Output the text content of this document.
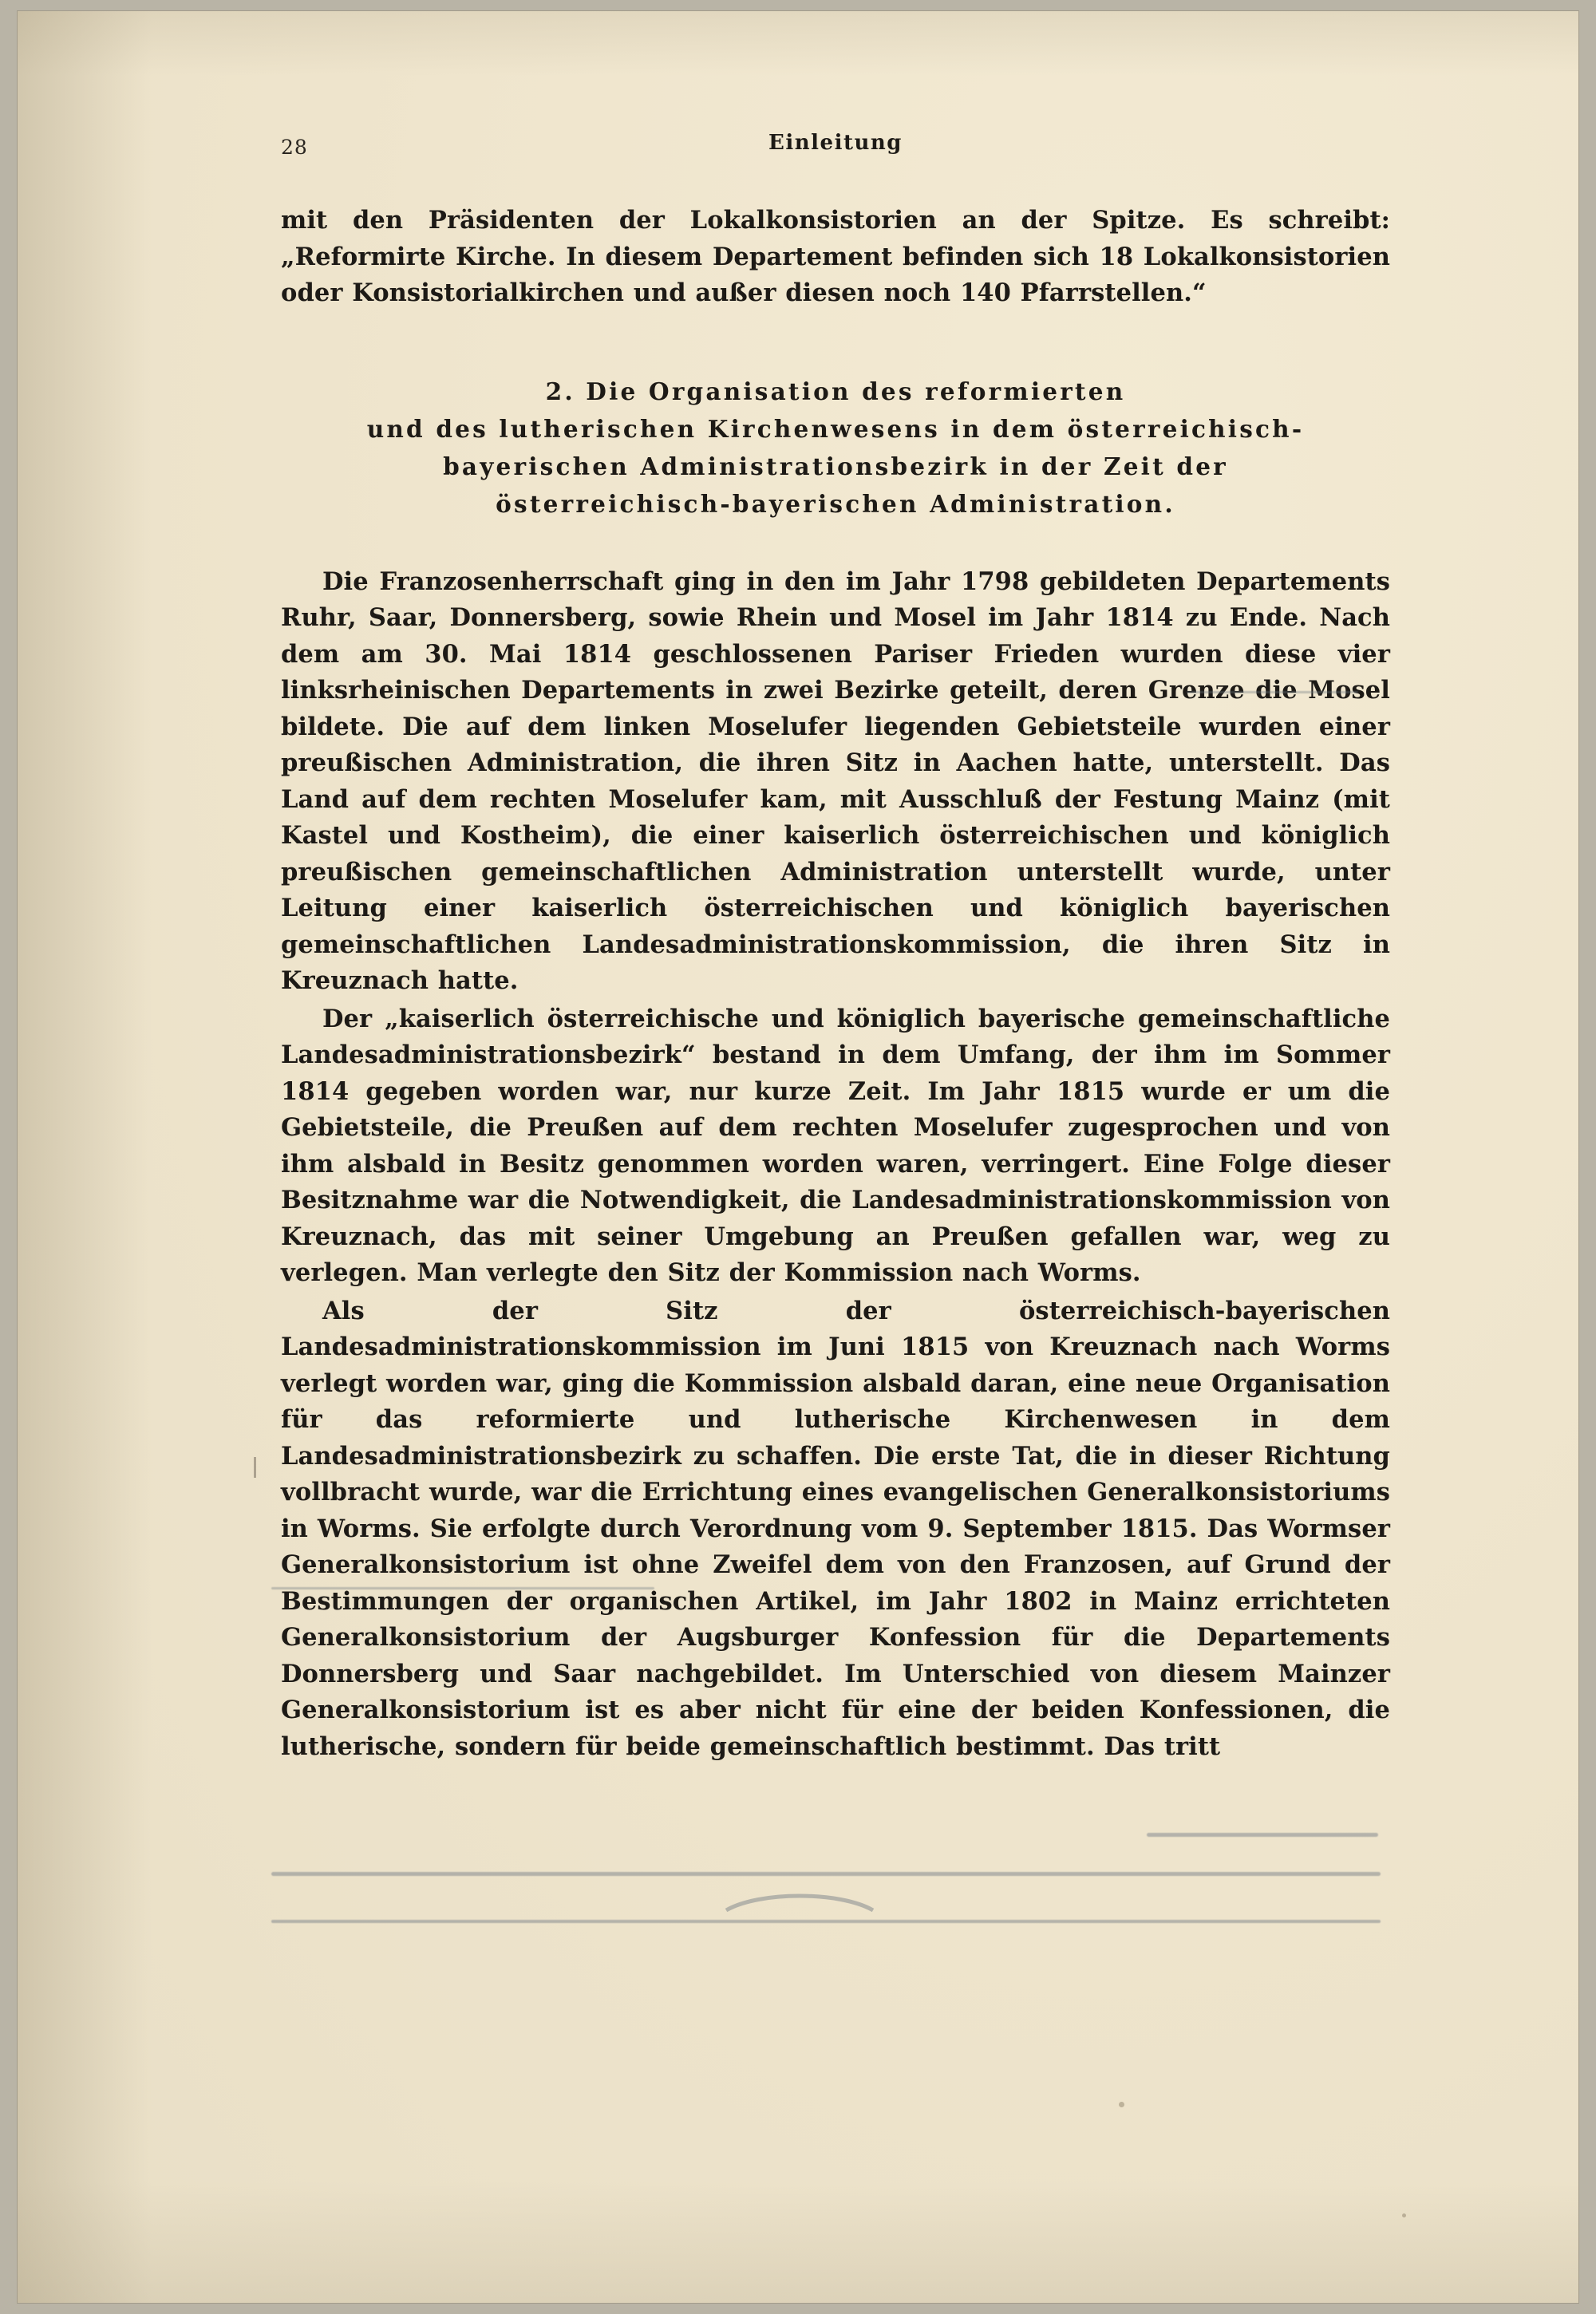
28	Einleitung

mit den Präsidenten der Lokalkonsistorien an der Spitze. Es schreibt: „Reformirte Kirche. In diesem Departement befinden sich 18 Lokalkonsistorien oder Konsistorialkirchen und außer diesen noch 140 Pfarrstellen.“

2. Die Organisation des reformierten
und des lutherischen Kirchenwesens in dem österreichisch-
bayerischen Administrationsbezirk in der Zeit der
österreichisch-bayerischen Administration.

Die Franzosenherrschaft ging in den im Jahr 1798 gebildeten Departements Ruhr, Saar, Donnersberg, sowie Rhein und Mosel im Jahr 1814 zu Ende. Nach dem am 30. Mai 1814 geschlossenen Pariser Frieden wurden diese vier linksrheinischen Departements in zwei Bezirke geteilt, deren Grenze die Mosel bildete. Die auf dem linken Moselufer liegenden Gebietsteile wurden einer preußischen Administration, die ihren Sitz in Aachen hatte, unterstellt. Das Land auf dem rechten Moselufer kam, mit Ausschluß der Festung Mainz (mit Kastel und Kostheim), die einer kaiserlich österreichischen und königlich preußischen gemeinschaftlichen Administration unterstellt wurde, unter Leitung einer kaiserlich österreichischen und königlich bayerischen gemeinschaftlichen Landesadministrationskommission, die ihren Sitz in Kreuznach hatte.

Der „kaiserlich österreichische und königlich bayerische gemeinschaftliche Landesadministrationsbezirk“ bestand in dem Umfang, der ihm im Sommer 1814 gegeben worden war, nur kurze Zeit. Im Jahr 1815 wurde er um die Gebietsteile, die Preußen auf dem rechten Moselufer zugesprochen und von ihm alsbald in Besitz genommen worden waren, verringert. Eine Folge dieser Besitznahme war die Notwendigkeit, die Landesadministrationskommission von Kreuznach, das mit seiner Umgebung an Preußen gefallen war, weg zu verlegen. Man verlegte den Sitz der Kommission nach Worms.

Als der Sitz der österreichisch-bayerischen Landesadministrationskommission im Juni 1815 von Kreuznach nach Worms verlegt worden war, ging die Kommission alsbald daran, eine neue Organisation für das reformierte und lutherische Kirchenwesen in dem Landesadministrationsbezirk zu schaffen. Die erste Tat, die in dieser Richtung vollbracht wurde, war die Errichtung eines evangelischen Generalkonsistoriums in Worms. Sie erfolgte durch Verordnung vom 9. September 1815. Das Wormser Generalkonsistorium ist ohne Zweifel dem von den Franzosen, auf Grund der Bestimmungen der organischen Artikel, im Jahr 1802 in Mainz errichteten Generalkonsistorium der Augsburger Konfession für die Departements Donnersberg und Saar nachgebildet. Im Unterschied von diesem Mainzer Generalkonsistorium ist es aber nicht für eine der beiden Konfessionen, die lutherische, sondern für beide gemeinschaftlich bestimmt. Das tritt
